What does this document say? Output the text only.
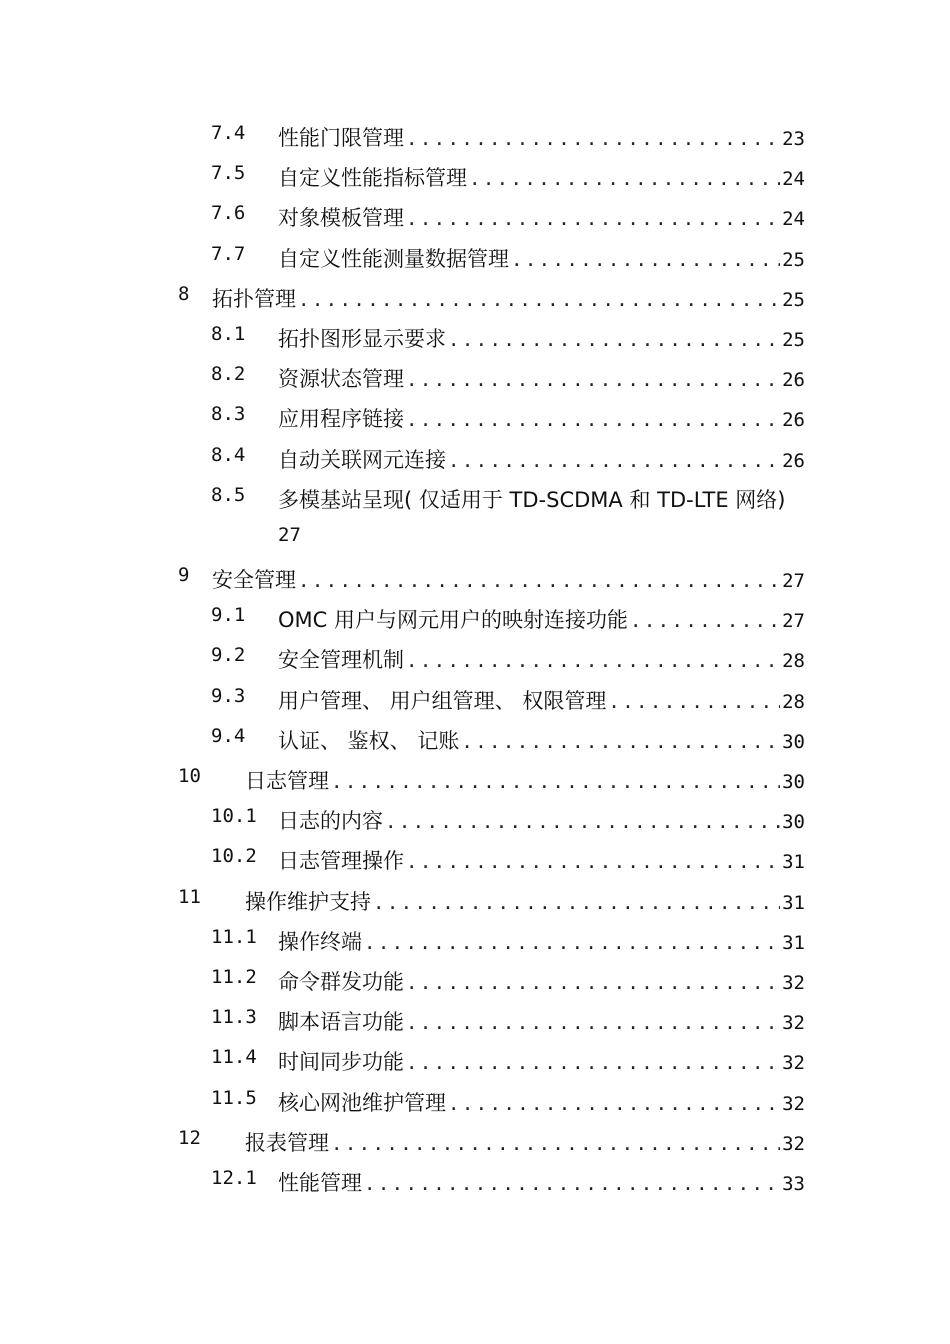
7.4 性能门限管理 .....	23
7.5 自定义性能指标管理 .....	24
7.6 对象模板管理 .....	24
7.7 自定义性能测量数据管理 .....	25
8 拓扑管理 .....	25
8.1 拓扑图形显示要求 .....	25
8.2 资源状态管理 .....	26
8.3 应用程序链接 .....	26
8.4 自动关联网元连接 .....	26
8.5 多模基站呈现( 仅适用于 TD-SCDMA 和 TD-LTE 网络)
27
9 安全管理 .....	27
9.1 OMC 用户与网元用户的映射连接功能 .....	27
9.2 安全管理机制 .....	28
9.3 用户管理、 用户组管理、 权限管理 .....	28
9.4 认证、 鉴权、 记账 .....	30
10 日志管理 .....	30
10.1 日志的内容 .....	30
10.2 日志管理操作 .....	31
11 操作维护支持 .....	31
11.1 操作终端 .....	31
11.2 命令群发功能 .....	32
11.3 脚本语言功能 .....	32
11.4 时间同步功能 .....	32
11.5 核心网池维护管理 .....	32
12 报表管理 .....	32
12.1 性能管理 .....	33
